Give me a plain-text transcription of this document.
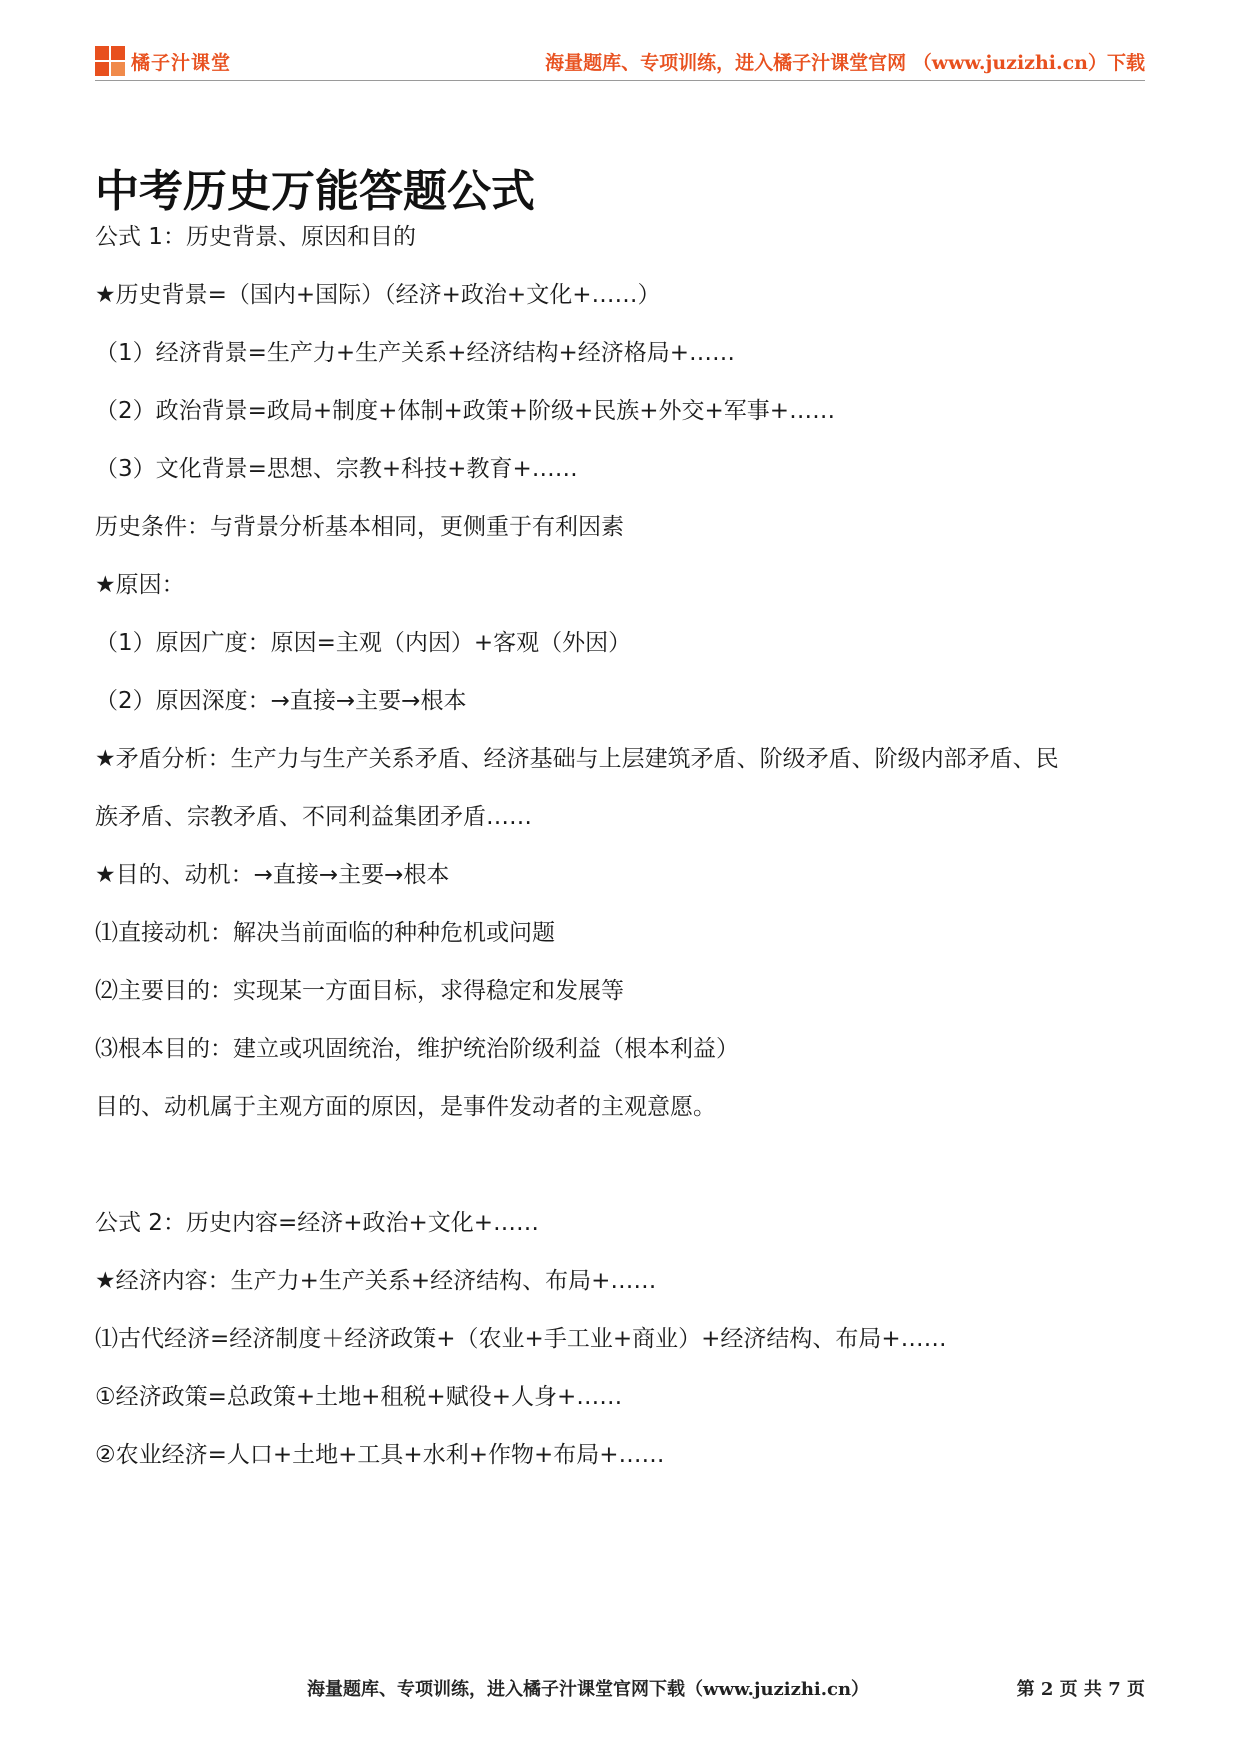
橘子汁课堂	海量题库、专项训练，进入橘子汁课堂官网 （www.juzizhi.cn）下载
中考历史万能答题公式
公式 1：历史背景、原因和目的
★历史背景=（国内+国际）（经济+政治+文化+……）
（1）经济背景=生产力+生产关系+经济结构+经济格局+……
（2）政治背景=政局+制度+体制+政策+阶级+民族+外交+军事+……
（3）文化背景=思想、宗教+科技+教育+……
历史条件：与背景分析基本相同，更侧重于有利因素
★原因：
（1）原因广度：原因=主观（内因）+客观（外因）
（2）原因深度：→直接→主要→根本
★矛盾分析：生产力与生产关系矛盾、经济基础与上层建筑矛盾、阶级矛盾、阶级内部矛盾、民
族矛盾、宗教矛盾、不同利益集团矛盾……
★目的、动机：→直接→主要→根本
⑴直接动机：解决当前面临的种种危机或问题
⑵主要目的：实现某一方面目标，求得稳定和发展等
⑶根本目的：建立或巩固统治，维护统治阶级利益（根本利益）
目的、动机属于主观方面的原因，是事件发动者的主观意愿。
公式 2：历史内容=经济+政治+文化+……
★经济内容：生产力+生产关系+经济结构、布局+……
⑴古代经济=经济制度＋经济政策+（农业+手工业+商业）+经济结构、布局+……
①经济政策=总政策+土地+租税+赋役+人身+……
②农业经济=人口+土地+工具+水利+作物+布局+……
海量题库、专项训练，进入橘子汁课堂官网下载（www.juzizhi.cn）	第 2 页 共 7 页
